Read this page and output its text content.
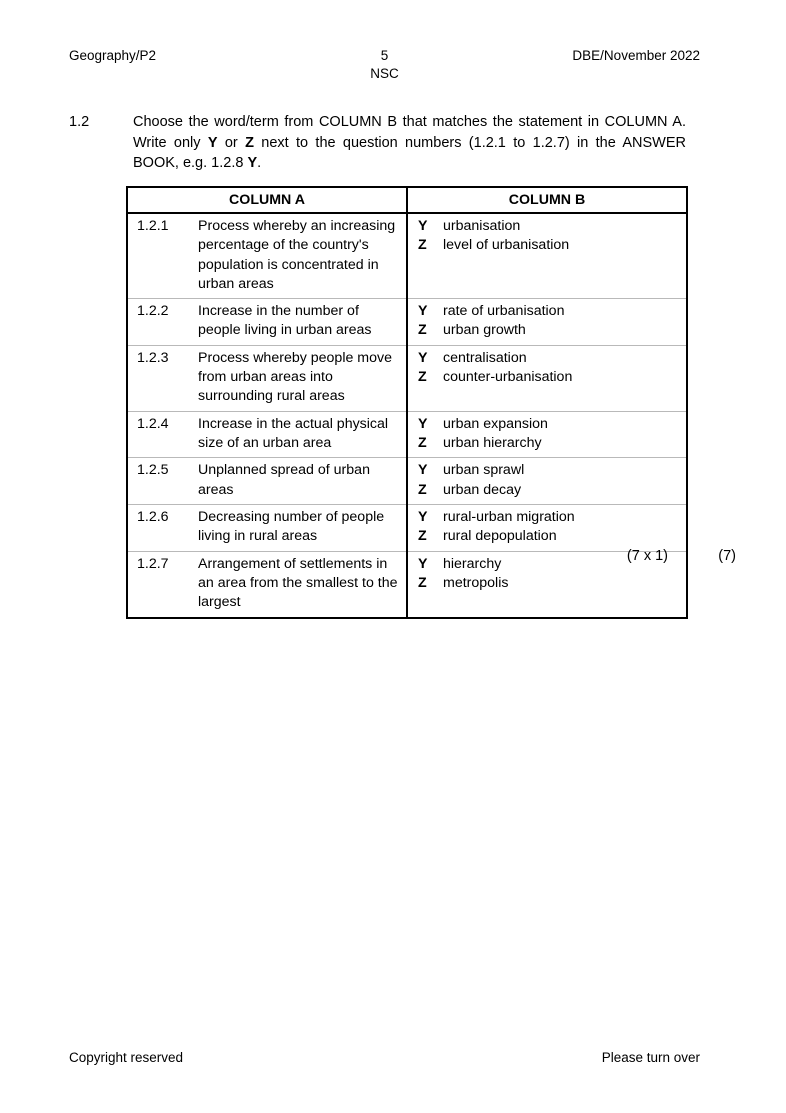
Geography/P2	5
NSC
DBE/November 2022
1.2	Choose the word/term from COLUMN B that matches the statement in COLUMN A. Write only Y or Z next to the question numbers (1.2.1 to 1.2.7) in the ANSWER BOOK, e.g. 1.2.8 Y.
COLUMN A	COLUMN B

1.2.1	Process whereby an increasing percentage of the country's population is concentrated in urban areas

Y	urbanisation
Z	level of urbanisation

1.2.2	Increase in the number of people living in urban areas

Y	rate of urbanisation
Z	urban growth

1.2.3	Process whereby people move from urban areas into surrounding rural areas

Y	centralisation
Z	counter-urbanisation

1.2.4	Increase in the actual physical size of an urban area

Y	urban expansion
Z	urban hierarchy

1.2.5	Unplanned spread of urban areas

Y	urban sprawl
Z	urban decay

1.2.6	Decreasing number of people living in rural areas

Y	rural-urban migration
Z	rural depopulation

1.2.7	Arrangement of settlements in an area from the smallest to the largest

Y	hierarchy
Z	metropolis
(7 x 1)	(7)
Copyright reserved	Please turn over
